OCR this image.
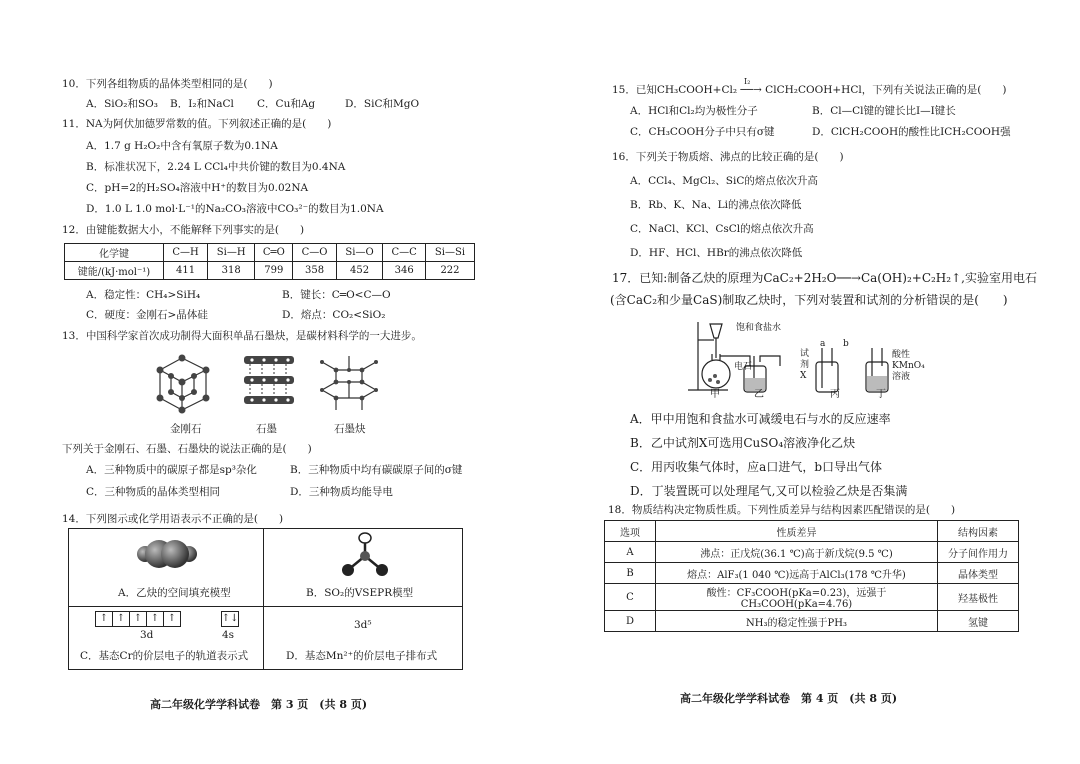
10．下列各组物质的晶体类型相同的是(　　)
A．SiO₂和SO₃ B．I₂和NaCl C．Cu和Ag	D．SiC和MgO
11．NA为阿伏加德罗常数的值。下列叙述正确的是(　　)
A．1.7 g H₂O₂中含有氧原子数为0.1NA
B．标准状况下，2.24 L CCl₄中共价键的数目为0.4NA
C．pH=2的H₂SO₄溶液中H⁺的数目为0.02NA
D．1.0 L 1.0 mol·L⁻¹的Na₂CO₃溶液中CO₃²⁻的数目为1.0NA
12．由键能数据大小，不能解释下列事实的是(　　)
化学键	C—H	Si—H	C═O	C—O	Si—O	C—C	Si—Si
键能/(kJ·mol⁻¹)	411	318	799	358	452	346	222
A．稳定性：CH₄>SiH₄	B．键长：C═O<C—O
C．硬度：金刚石>晶体硅	D．熔点：CO₂<SiO₂
13．中国科学家首次成功制得大面积单晶石墨炔，是碳材料科学的一大进步。
金刚石	石墨	石墨炔
下列关于金刚石、石墨、石墨炔的说法正确的是(　　)
A．三种物质中的碳原子都是sp³杂化	B．三种物质中均有碳碳原子间的σ键
C．三种物质的晶体类型相同	D．三种物质均能导电
14．下列图示或化学用语表示不正确的是(　　)
A．乙炔的空间填充模型	B．SO₂的VSEPR模型
↑ ↑ ↑ ↑ ↑	↑↓
3d	4s
3d⁵
C．基态Cr的价层电子的轨道表示式	D．基态Mn²⁺的价层电子排布式
高二年级化学学科试卷　第 3 页　(共 8 页)
I₂
15．已知CH₃COOH+Cl₂ ──→ ClCH₂COOH+HCl，下列有关说法正确的是(　　)
A．HCl和Cl₂均为极性分子	B．Cl—Cl键的键长比I—I键长
C．CH₃COOH分子中只有σ键	D．ClCH₂COOH的酸性比ICH₂COOH强
16．下列关于物质熔、沸点的比较正确的是(　　)
A．CCl₄、MgCl₂、SiC的熔点依次升高
B．Rb、K、Na、Li的沸点依次降低
C．NaCl、KCl、CsCl的熔点依次升高
D．HF、HCl、HBr的沸点依次降低
17．已知:制备乙炔的原理为CaC₂+2H₂O──→Ca(OH)₂+C₂H₂↑,实验室用电石
(含CaC₂和少量CaS)制取乙炔时，下列对装置和试剂的分析错误的是(　　)
饱和食盐水
电石
试剂X
a b
酸性KMnO₄溶液
甲	乙	丙	丁
A．甲中用饱和食盐水可减缓电石与水的反应速率
B．乙中试剂X可选用CuSO₄溶液净化乙炔
C．用丙收集气体时，应a口进气，b口导出气体
D．丁装置既可以处理尾气,又可以检验乙炔是否集满
18．物质结构决定物质性质。下列性质差异与结构因素匹配错误的是(　　)
选项	性质差异	结构因素
A	沸点：正戊烷(36.1 ℃)高于新戊烷(9.5 ℃)	分子间作用力
B	熔点：AlF₃(1 040 ℃)远高于AlCl₃(178 ℃升华)	晶体类型
C	酸性：CF₃COOH(pKa=0.23)，远强于CH₃COOH(pKa=4.76)	羟基极性
D	NH₃的稳定性强于PH₃	氢键
高二年级化学学科试卷　第 4 页　(共 8 页)
